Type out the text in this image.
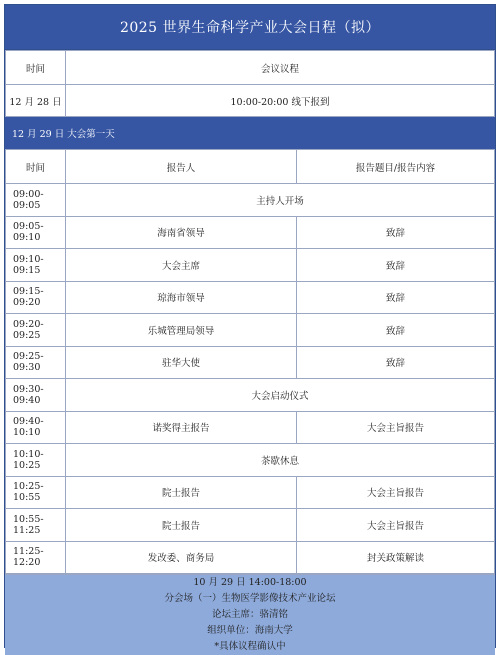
2025 世界生命科学产业大会日程（拟）
时间	会议议程
12 月 28 日	10:00-20:00 线下报到
12 月 29 日 大会第一天
时间	报告人	报告题目/报告内容
09:00-09:05	主持人开场	
09:05-09:10	海南省领导	致辞
09:10-09:15	大会主席	致辞
09:15-09:20	琼海市领导	致辞
09:20-09:25	乐城管理局领导	致辞
09:25-09:30	驻华大使	致辞
09:30-09:40	大会启动仪式	
09:40-10:10	诺奖得主报告	大会主旨报告
10:10-10:25	茶歇休息	
10:25-10:55	院士报告	大会主旨报告
10:55-11:25	院士报告	大会主旨报告
11:25-12:20	发改委、商务局	封关政策解读
10 月 29 日 14:00-18:00
分会场（一）生物医学影像技术产业论坛
论坛主席：骆清铭
组织单位：海南大学
*具体议程确认中
